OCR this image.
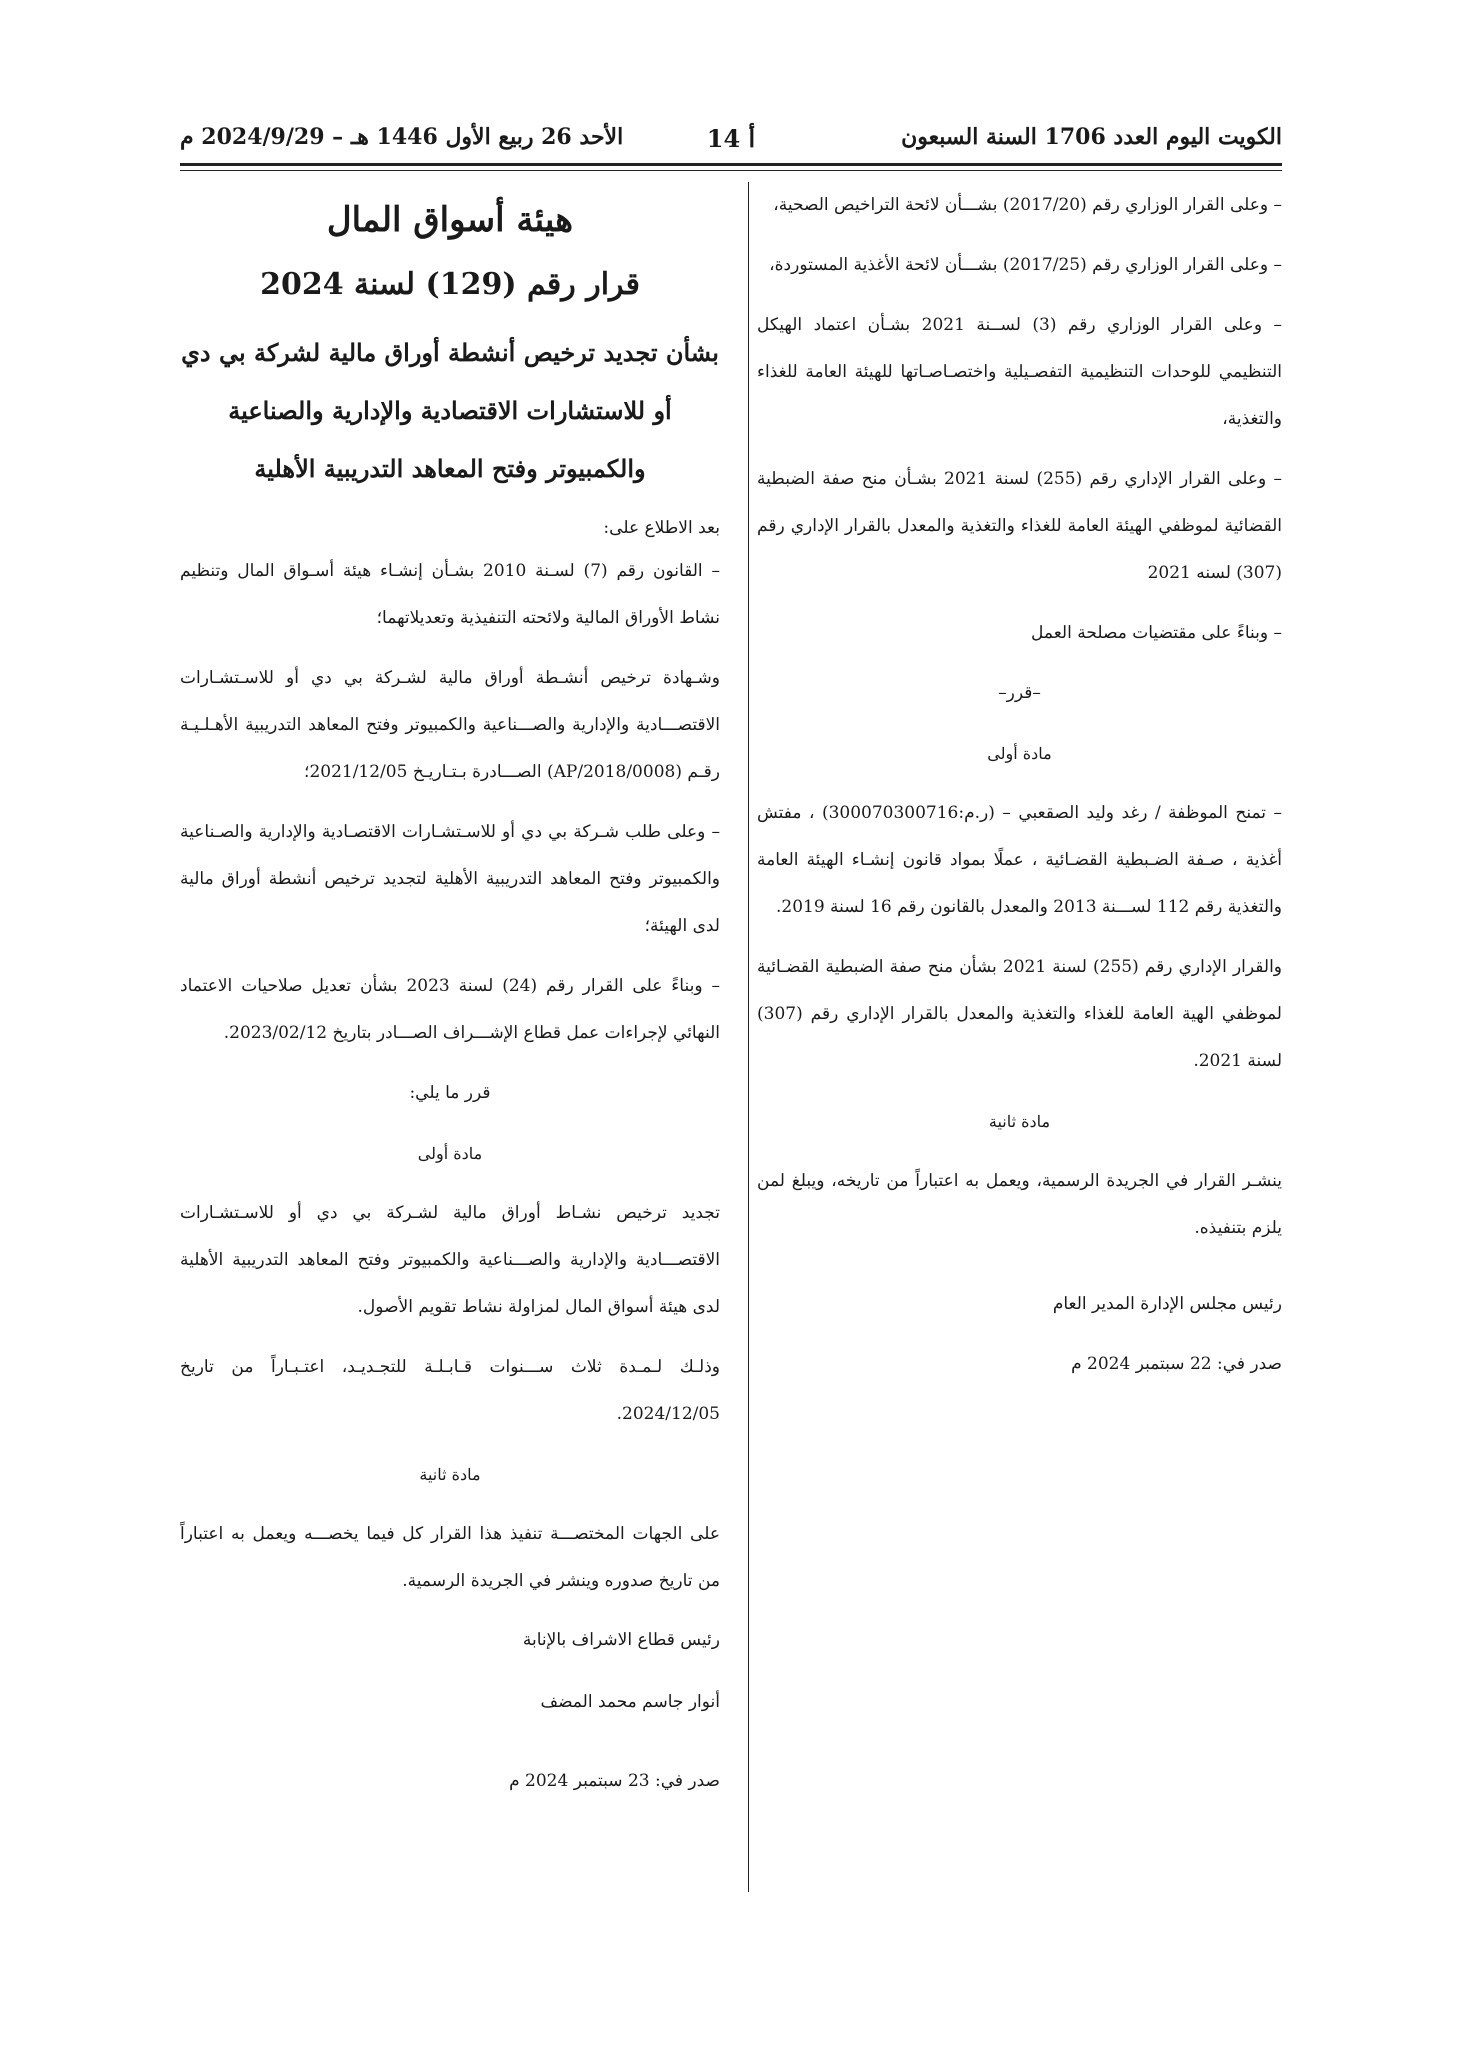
الكويت اليوم العدد 1706 السنة السبعون
أ 14
الأحد 26 ربيع الأول 1446 هـ – 2024/9/29 م

– وعلى القرار الوزاري رقم (2017/20) بشـــأن لائحة التراخيص الصحية،

– وعلى القرار الوزاري رقم (2017/25) بشـــأن لائحة الأغذية المستوردة،

– وعلى القرار الوزاري رقم (3) لســنة 2021 بشـأن اعتماد الهيكل التنظيمي للوحدات التنظيمية التفصـيلية واختصـاصـاتها للهيئة العامة للغذاء والتغذية،

– وعلى القرار الإداري رقم (255) لسنة 2021 بشـأن منح صفة الضبطية القضائية لموظفي الهيئة العامة للغذاء والتغذية والمعدل بالقرار الإداري رقم (307) لسنه 2021

– وبناءً على مقتضيات مصلحة العمل

–قرر–

مادة أولى

– تمنح الموظفة / رغد وليد الصقعبي – (ر.م:300070300716) ، مفتش أغذية ، صـفة الضـبطية القضـائية ، عملًا بمواد قانون إنشـاء الهيئة العامة والتغذية رقم 112 لســـنة 2013 والمعدل بالقانون رقم 16 لسنة 2019.

والقرار الإداري رقم (255) لسنة 2021 بشأن منح صفة الضبطية القضـائية لموظفي الهية العامة للغذاء والتغذية والمعدل بالقرار الإداري رقم (307) لسنة 2021.

مادة ثانية

ينشـر القرار في الجريدة الرسمية، ويعمل به اعتباراً من تاريخه، ويبلغ لمن يلزم بتنفيذه.

رئيس مجلس الإدارة المدير العام

صدر في: 22 سبتمبر 2024 م

هيئة أسواق المال
قرار رقم (129) لسنة 2024
بشأن تجديد ترخيص أنشطة أوراق مالية لشركة بي دي أو للاستشارات الاقتصادية والإدارية والصناعية والكمبيوتر وفتح المعاهد التدريبية الأهلية

بعد الاطلاع على:

– القانون رقم (7) لسـنة 2010 بشـأن إنشـاء هيئة أسـواق المال وتنظيم نشاط الأوراق المالية ولائحته التنفيذية وتعديلاتهما؛

وشـهادة ترخيص أنشـطة أوراق مالية لشـركة بي دي أو للاسـتشـارات الاقتصـــادية والإدارية والصـــناعية والكمبيوتر وفتح المعاهد التدريبية الأهـلـيـة رقـم (AP/2018/0008) الصـــادرة بـتـاريـخ 2021/12/05؛

– وعلى طلب شـركة بي دي أو للاسـتشـارات الاقتصـادية والإدارية والصـناعية والكمبيوتر وفتح المعاهد التدريبية الأهلية لتجديد ترخيص أنشطة أوراق مالية لدى الهيئة؛

– وبناءً على القرار رقم (24) لسنة 2023 بشأن تعديل صلاحيات الاعتماد النهائي لإجراءات عمل قطاع الإشـــراف الصـــادر بتاريخ 2023/02/12.

قرر ما يلي:

مادة أولى

تجديد ترخيص نشـاط أوراق مالية لشـركة بي دي أو للاسـتشـارات الاقتصـــادية والإدارية والصـــناعية والكمبيوتر وفتح المعاهد التدريبية الأهلية لدى هيئة أسواق المال لمزاولة نشاط تقويم الأصول.

وذلـك لـمـدة ثلاث ســـنوات قـابـلـة للتجـديـد، اعتـبـاراً من تاريخ 2024/12/05.

مادة ثانية

على الجهات المختصـــة تنفيذ هذا القرار كل فيما يخصـــه ويعمل به اعتباراً من تاريخ صدوره وينشر في الجريدة الرسمية.

رئيس قطاع الاشراف بالإنابة

أنوار جاسم محمد المضف

صدر في: 23 سبتمبر 2024 م
